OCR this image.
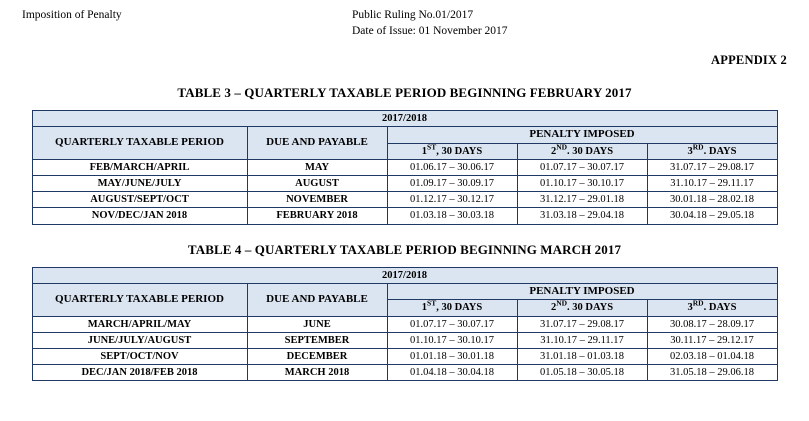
Imposition of Penalty	Public Ruling No.01/2017
Date of Issue: 01 November 2017
APPENDIX 2
TABLE 3 – QUARTERLY TAXABLE PERIOD BEGINNING FEBRUARY 2017
2017/2018				
QUARTERLY TAXABLE PERIOD	DUE AND PAYABLE	PENALTY IMPOSED		
		1ST, 30 DAYS	2ND. 30 DAYS	3RD. DAYS
FEB/MARCH/APRIL	MAY	01.06.17 – 30.06.17	01.07.17 – 30.07.17	31.07.17 – 29.08.17
MAY/JUNE/JULY	AUGUST	01.09.17 – 30.09.17	01.10.17 – 30.10.17	31.10.17 – 29.11.17
AUGUST/SEPT/OCT	NOVEMBER	01.12.17 – 30.12.17	31.12.17 – 29.01.18	30.01.18 – 28.02.18
NOV/DEC/JAN 2018	FEBRUARY 2018	01.03.18 – 30.03.18	31.03.18 – 29.04.18	30.04.18 – 29.05.18
TABLE 4 – QUARTERLY TAXABLE PERIOD BEGINNING MARCH 2017
2017/2018				
QUARTERLY TAXABLE PERIOD	DUE AND PAYABLE	PENALTY IMPOSED		
		1ST, 30 DAYS	2ND. 30 DAYS	3RD. DAYS
MARCH/APRIL/MAY	JUNE	01.07.17 – 30.07.17	31.07.17 – 29.08.17	30.08.17 – 28.09.17
JUNE/JULY/AUGUST	SEPTEMBER	01.10.17 – 30.10.17	31.10.17 – 29.11.17	30.11.17 – 29.12.17
SEPT/OCT/NOV	DECEMBER	01.01.18 – 30.01.18	31.01.18 – 01.03.18	02.03.18 – 01.04.18
DEC/JAN 2018/FEB 2018	MARCH 2018	01.04.18 – 30.04.18	01.05.18 – 30.05.18	31.05.18 – 29.06.18
